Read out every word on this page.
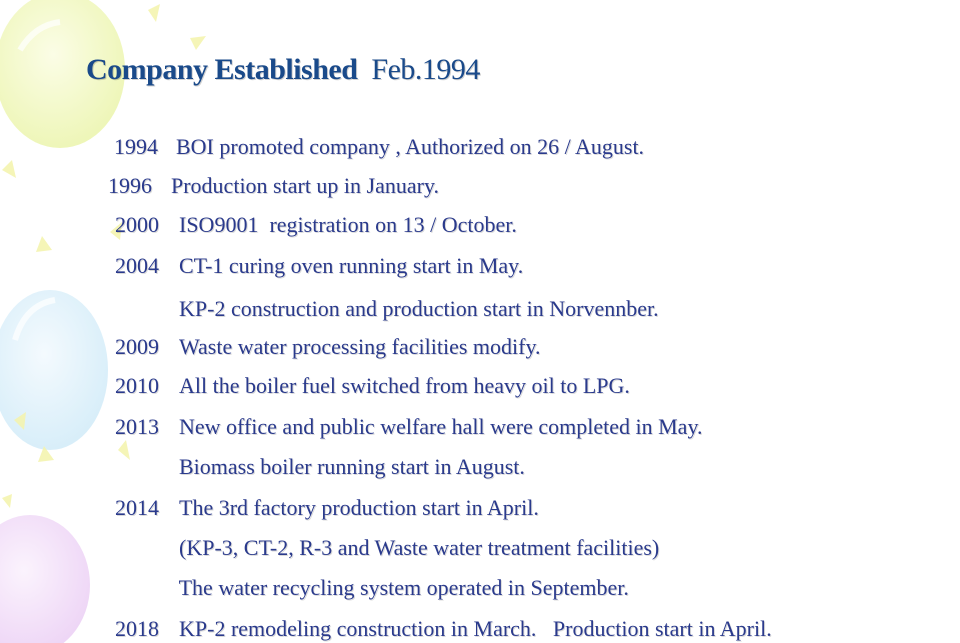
Company Established Feb.1994

1994 BOI promoted company , Authorized on 26 / August.

1996 Production start up in January.

2000 ISO9001  registration on 13 / October.

2004 CT-1 curing oven running start in May.

KP-2 construction and production start in Norvennber.

2009 Waste water processing facilities modify.

2010 All the boiler fuel switched from heavy oil to LPG.

2013 New office and public welfare hall were completed in May.

Biomass boiler running start in August.

2014 The 3rd factory production start in April.

(KP-3, CT-2, R-3 and Waste water treatment facilities)

The water recycling system operated in September.

2018 KP-2 remodeling construction in March.   Production start in April.
